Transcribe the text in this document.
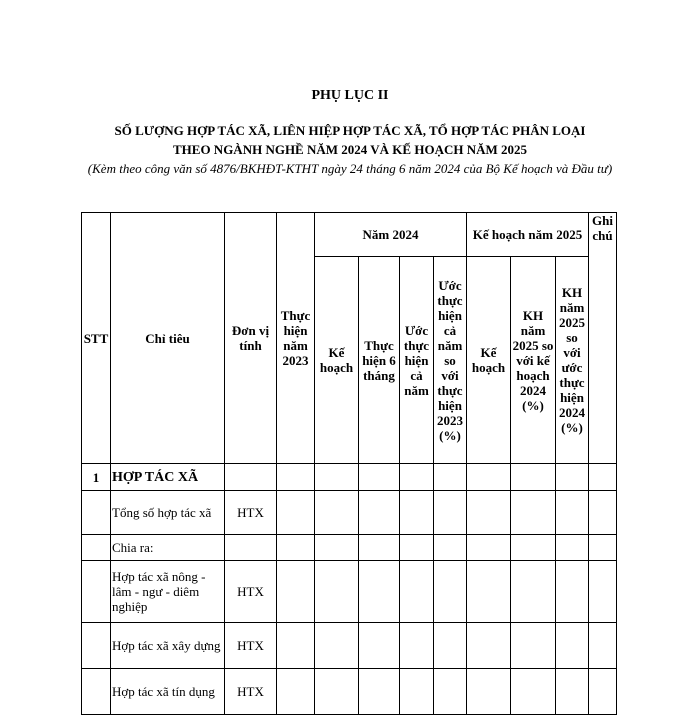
PHỤ LỤC II
SỐ LƯỢNG HỢP TÁC XÃ, LIÊN HIỆP HỢP TÁC XÃ, TỔ HỢP TÁC PHÂN LOẠI
THEO NGÀNH NGHỀ NĂM 2024 VÀ KẾ HOẠCH NĂM 2025
(Kèm theo công văn số 4876/BKHĐT-KTHT ngày 24 tháng 6 năm 2024 của Bộ Kế hoạch và Đầu tư)
STT	Chỉ tiêu	Đơn vị tính	Thực hiện năm 2023	Năm 2024				Kế hoạch năm 2025			Ghi chú
				Kế hoạch	Thực hiện 6 tháng	Ước thực hiện cả năm	Ước thực hiện cả năm so với thực hiện 2023 (%)	Kế hoạch	KH năm 2025 so với kế hoạch 2024 (%)	KH năm 2025 so với ước thực hiện 2024 (%)	
1	HỢP TÁC XÃ										
	Tổng số hợp tác xã	HTX									
	Chia ra:										
	Hợp tác xã nông - lâm - ngư - diêm nghiệp	HTX									
	Hợp tác xã xây dựng	HTX									
	Hợp tác xã tín dụng	HTX									
